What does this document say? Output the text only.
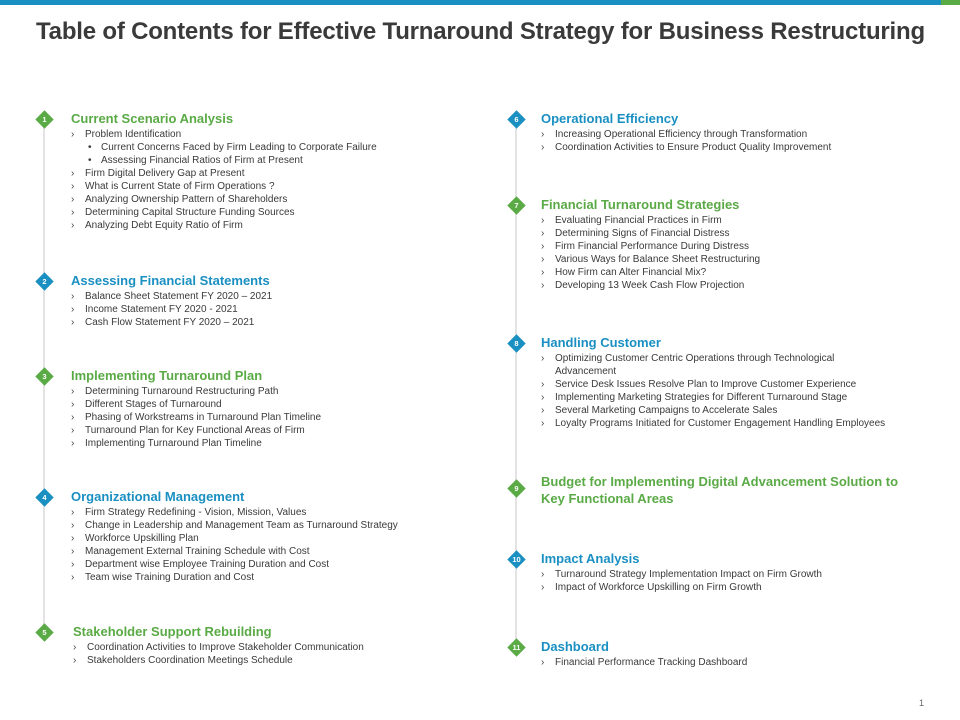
Table of Contents for Effective Turnaround Strategy for Business Restructuring
1	Current Scenario Analysis
› Problem Identification
• Current Concerns Faced by Firm Leading to Corporate Failure
• Assessing Financial Ratios of Firm at Present
› Firm Digital Delivery Gap at Present
› What is Current State of Firm Operations ?
› Analyzing Ownership Pattern of Shareholders
› Determining Capital Structure Funding Sources
› Analyzing Debt Equity Ratio of Firm
2	Assessing Financial Statements
› Balance Sheet Statement FY 2020 – 2021
› Income Statement FY 2020 - 2021
› Cash Flow Statement FY 2020 – 2021
3	Implementing Turnaround Plan
› Determining Turnaround Restructuring Path
› Different Stages of Turnaround
› Phasing of Workstreams in Turnaround Plan Timeline
› Turnaround Plan for Key Functional Areas of Firm
› Implementing Turnaround Plan Timeline
4	Organizational Management
› Firm Strategy Redefining - Vision, Mission, Values
› Change in Leadership and Management Team as Turnaround Strategy
› Workforce Upskilling Plan
› Management External Training Schedule with Cost
› Department wise Employee Training Duration and Cost
› Team wise Training Duration and Cost
5	Stakeholder Support Rebuilding
› Coordination Activities to Improve Stakeholder Communication
› Stakeholders Coordination Meetings Schedule
6	Operational Efficiency
› Increasing Operational Efficiency through Transformation
› Coordination Activities to Ensure Product Quality Improvement
7	Financial Turnaround Strategies
› Evaluating Financial Practices in Firm
› Determining Signs of Financial Distress
› Firm Financial Performance During Distress
› Various Ways for Balance Sheet Restructuring
› How Firm can Alter Financial Mix?
› Developing 13 Week Cash Flow Projection
8	Handling Customer
› Optimizing Customer Centric Operations through Technological
Advancement
› Service Desk Issues Resolve Plan to Improve Customer Experience
› Implementing Marketing Strategies for Different Turnaround Stage
› Several Marketing Campaigns to Accelerate Sales
› Loyalty Programs Initiated for Customer Engagement Handling Employees
9	Budget for Implementing Digital Advancement Solution to
Key Functional Areas
10 Impact Analysis
› Turnaround Strategy Implementation Impact on Firm Growth
› Impact of Workforce Upskilling on Firm Growth
11 Dashboard
› Financial Performance Tracking Dashboard
1
